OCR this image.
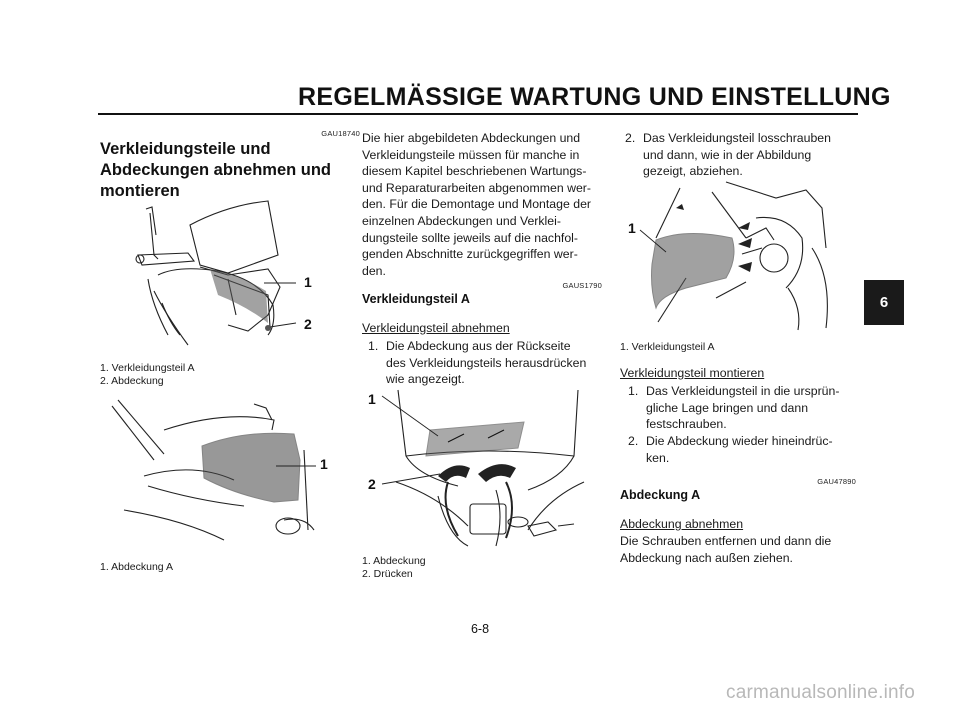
REGELMÄSSIGE WARTUNG UND EINSTELLUNG
GAU18740
Verkleidungsteile und
Abdeckungen abnehmen und
montieren
1
2
1. Verkleidungsteil A
2. Abdeckung
1
1. Abdeckung A
Die hier abgebildeten Abdeckungen und
Verkleidungsteile müssen für manche in
diesem Kapitel beschriebenen Wartungs-
und Reparaturarbeiten abgenommen wer-
den. Für die Demontage und Montage der
einzelnen Abdeckungen und Verklei-
dungsteile sollte jeweils auf die nachfol-
genden Abschnitte zurückgegriffen wer-
den.
GAUS1790
Verkleidungsteil A
Verkleidungsteil abnehmen
1. Die Abdeckung aus der Rückseite
des Verkleidungsteils herausdrücken
wie angezeigt.
1
2
1. Abdeckung
2. Drücken
2. Das Verkleidungsteil losschrauben
und dann, wie in der Abbildung
gezeigt, abziehen.
1
1. Verkleidungsteil A
Verkleidungsteil montieren
1. Das Verkleidungsteil in die ursprün-
gliche Lage bringen und dann
festschrauben.
2. Die Abdeckung wieder hineindrüc-
ken.
GAU47890
Abdeckung A
Abdeckung abnehmen
Die Schrauben entfernen und dann die
Abdeckung nach außen ziehen.
6
6-8
carmanualsonline.info
